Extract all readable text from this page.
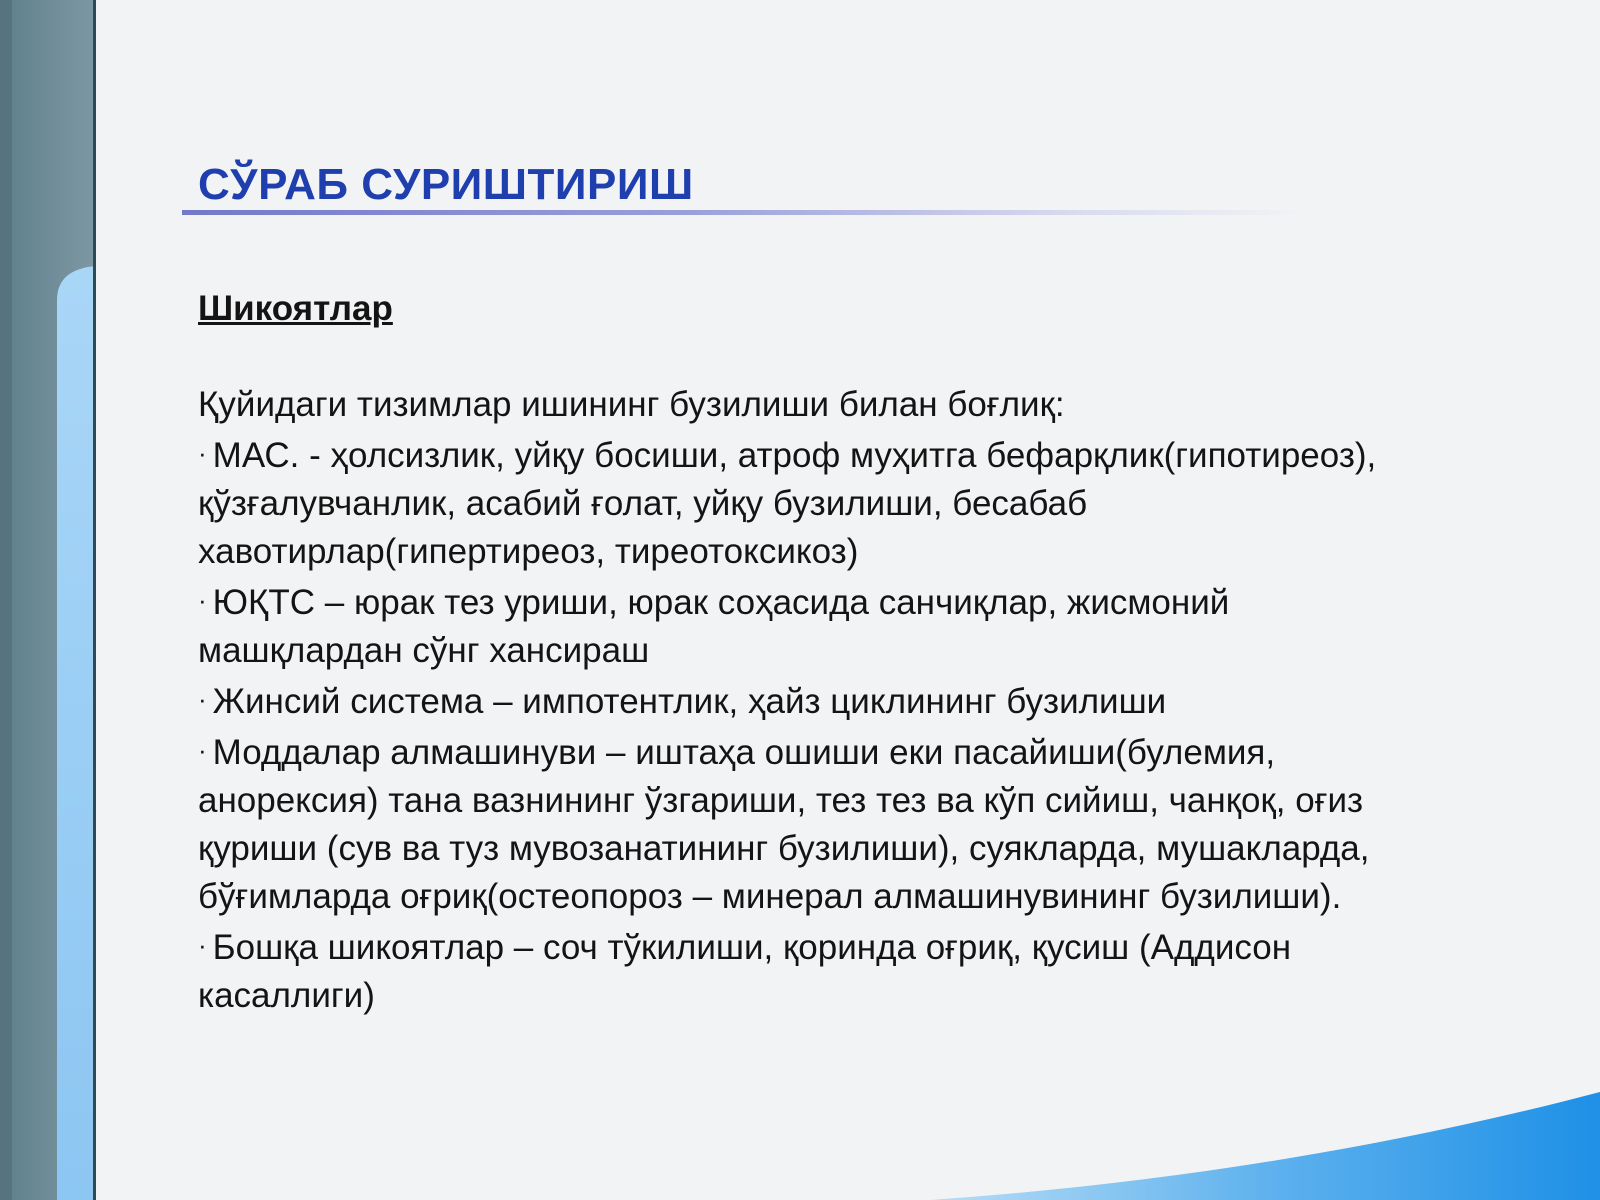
СЎРАБ СУРИШТИРИШ

Шикоятлар

Қуйидаги тизимлар ишининг бузилиши билан боғлиқ:

· МАС. - ҳолсизлик, уйқу босиши, атроф муҳитга бефарқлик(гипотиреоз), қўзғалувчанлик, асабий ғолат, уйқу бузилиши, бесабаб хавотирлар(гипертиреоз, тиреотоксикоз)

· ЮҚТС – юрак тез уриши, юрак соҳасида санчиқлар, жисмоний машқлардан сўнг хансираш

· Жинсий система – импотентлик, ҳайз циклининг бузилиши

· Моддалар алмашинуви – иштаҳа ошиши еки пасайиши(булемия, анорексия) тана вазнининг ўзгариши, тез тез ва кўп сийиш, чанқоқ, оғиз қуриши (сув ва туз мувозанатининг бузилиши), суякларда, мушакларда, бўғимларда оғриқ(остеопороз – минерал алмашинувининг бузилиши).

· Бошқа шикоятлар – соч тўкилиши, қоринда оғриқ, қусиш (Аддисон касаллиги)
